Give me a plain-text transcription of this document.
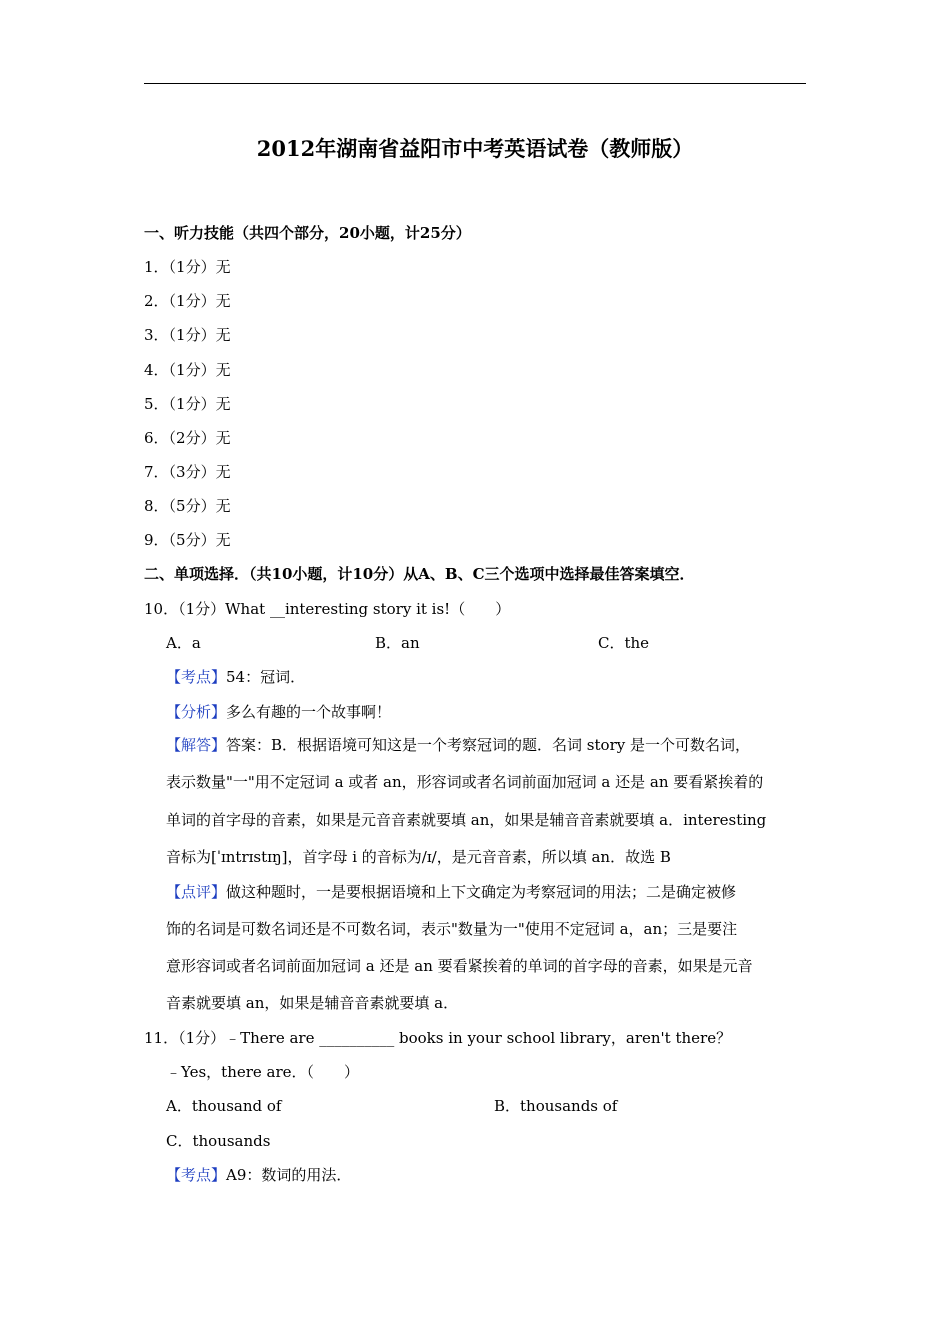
2012年湖南省益阳市中考英语试卷（教师版）
一、听力技能（共四个部分，20小题，计25分）
1．（1分）无
2．（1分）无
3．（1分）无
4．（1分）无
5．（1分）无
6．（2分）无
7．（3分）无
8．（5分）无
9．（5分）无
二、单项选择．（共10小题，计10分）从A、B、C三个选项中选择最佳答案填空．
10．（1分）What __interesting story it is!（　　）
A．a	B．an	C．the
【考点】54：冠词．
【分析】多么有趣的一个故事啊！
【解答】答案：B．根据语境可知这是一个考察冠词的题．名词 story 是一个可数名词，
表示数量"一"用不定冠词 a 或者 an，形容词或者名词前面加冠词 a 还是 an 要看紧挨着的
单词的首字母的音素，如果是元音音素就要填 an，如果是辅音音素就要填 a．interesting
音标为[ˈɪntrɪstɪŋ]，首字母 i 的音标为/ɪ/，是元音音素，所以填 an．故选 B
【点评】做这种题时，一是要根据语境和上下文确定为考察冠词的用法；二是确定被修
饰的名词是可数名词还是不可数名词，表示"数量为一"使用不定冠词 a，an；三是要注
意形容词或者名词前面加冠词 a 还是 an 要看紧挨着的单词的首字母的音素，如果是元音
音素就要填 an，如果是辅音音素就要填 a．
11．（1分）﹣There are __________ books in your school library，aren't there？
﹣Yes，there are．（　　）
A．thousand of	B．thousands of
C．thousands
【考点】A9：数词的用法．
